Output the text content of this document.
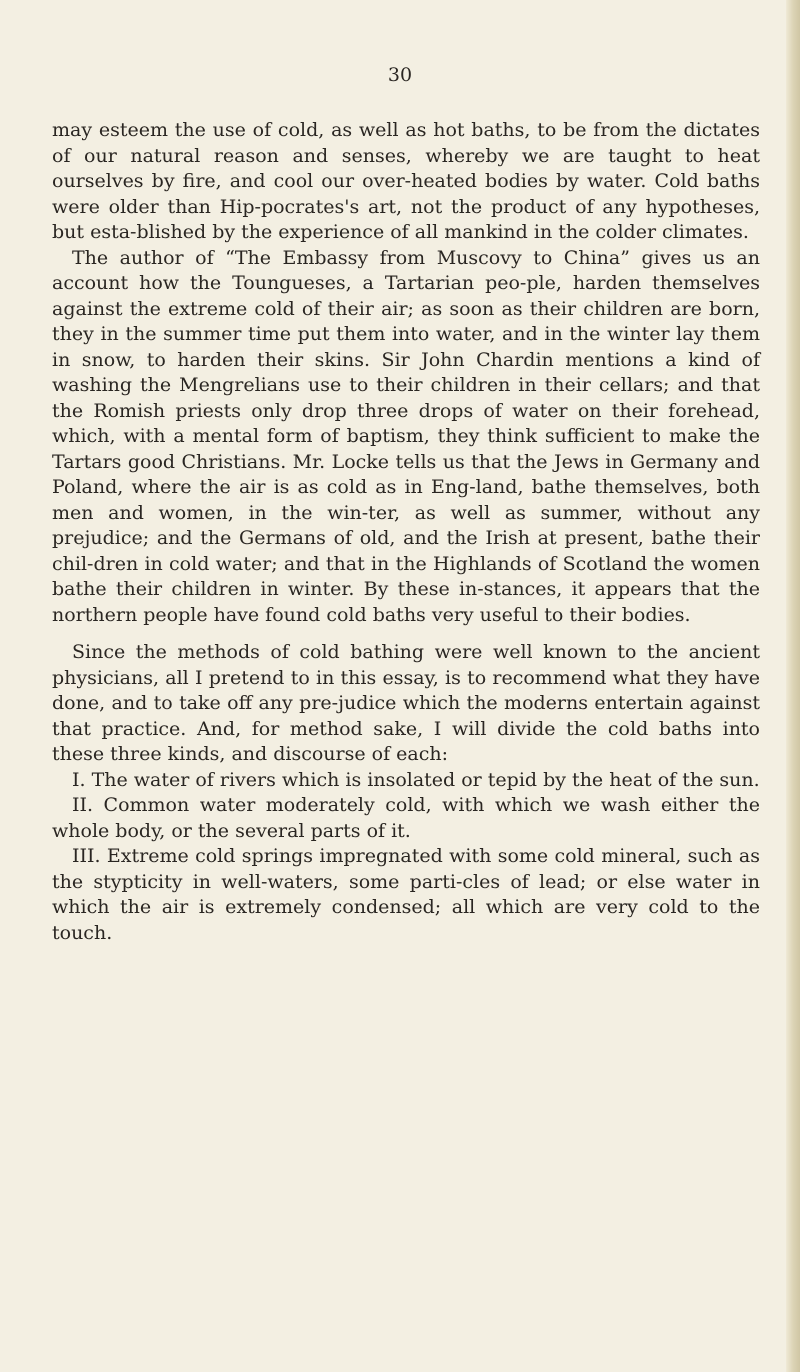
30

may esteem the use of cold, as well as hot baths, to be from the dictates of our natural reason and senses, whereby we are taught to heat ourselves by fire, and cool our over-heated bodies by water. Cold baths were older than Hip-pocrates's art, not the product of any hypotheses, but esta-blished by the experience of all mankind in the colder climates.

The author of “The Embassy from Muscovy to China” gives us an account how the Toungueses, a Tartarian peo-ple, harden themselves against the extreme cold of their air; as soon as their children are born, they in the summer time put them into water, and in the winter lay them in snow, to harden their skins. Sir John Chardin mentions a kind of washing the Mengrelians use to their children in their cellars; and that the Romish priests only drop three drops of water on their forehead, which, with a mental form of baptism, they think sufficient to make the Tartars good Christians. Mr. Locke tells us that the Jews in Germany and Poland, where the air is as cold as in Eng-land, bathe themselves, both men and women, in the win-ter, as well as summer, without any prejudice; and the Germans of old, and the Irish at present, bathe their chil-dren in cold water; and that in the Highlands of Scotland the women bathe their children in winter. By these in-stances, it appears that the northern people have found cold baths very useful to their bodies.

Since the methods of cold bathing were well known to the ancient physicians, all I pretend to in this essay, is to recommend what they have done, and to take off any pre-judice which the moderns entertain against that practice. And, for method sake, I will divide the cold baths into these three kinds, and discourse of each:

I. The water of rivers which is insolated or tepid by the heat of the sun.

II. Common water moderately cold, with which we wash either the whole body, or the several parts of it.

III. Extreme cold springs impregnated with some cold mineral, such as the stypticity in well-waters, some parti-cles of lead; or else water in which the air is extremely condensed; all which are very cold to the touch.
